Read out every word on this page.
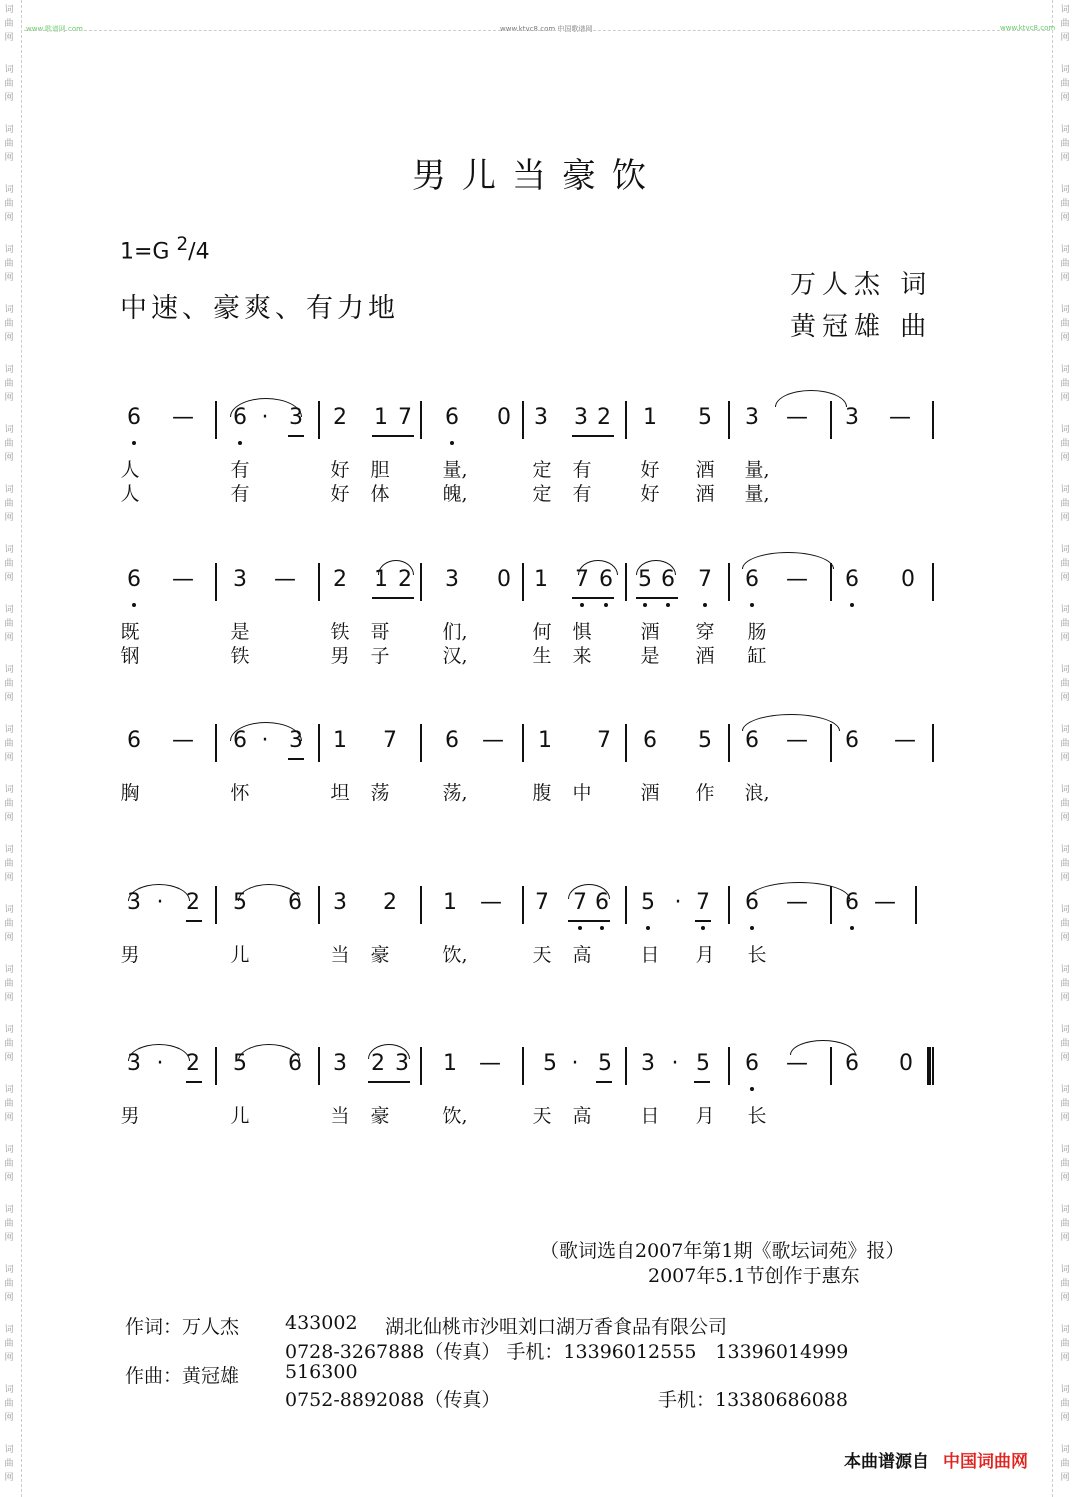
词
曲
网
词
曲
网
词
曲
网
词
曲
网
词
曲
网
词
曲
网
词
曲
网
词
曲
网
词
曲
网
词
曲
网
词
曲
网
词
曲
网
词
曲
网
词
曲
网
词
曲
网
词
曲
网
词
曲
网
词
曲
网
词
曲
网
词
曲
网
词
曲
网
词
曲
网
词
曲
网
词
曲
网
词
曲
网
词
曲
网
词
曲
网
词
曲
网
词
曲
网
词
曲
网
词
曲
网
词
曲
网
词
曲
网
词
曲
网
词
曲
网
词
曲
网
词
曲
网
词
曲
网
词
曲
网
词
曲
网
词
曲
网
词
曲
网
词
曲
网
词
曲
网
词
曲
网
词
曲
网
词
曲
网
词
曲
网
词
曲
网
词
曲
网
www.歌谱网.com	www.ktvc8.com 中国歌谱网	www.ktvc8.com
男儿当豪饮
1=G $^2$/4
中速、豪爽、有力地
万人杰 词
黄冠雄 曲
6 — 6 · 3 2 1 7 6 0 3 3 2 1 5 3 — 3 —
人	有	好 胆	量,	定 有	好 酒 量,
人	有	好 体	魄,	定 有	好 酒 量,
6 — 3 — 2 1 2 3 0 1 7 6 5 6 7 6 — 6 0
既	是	铁 哥	们,	何 惧	酒 穿 肠
钢	铁	男 子	汉,	生 来	是 酒 缸
6 — 6 · 3 1 7 6 — 1 7 6 5 6 — 6 —
胸	怀	坦 荡	荡,	腹 中	酒 作 浪,
3 · 2 5 6 3 2 1 — 7 7 6 5 · 7 6 — 6 —
男	儿	当 豪	饮,	天 高	日 月 长
3 · 2 5 6 3 2 3 1 — 5 · 5 3 · 5 6 — 6 0
男	儿	当 豪	饮,	天 高	日 月 长
（歌词选自2007年第1期《歌坛词苑》报）
2007年5.1节创作于惠东
作词：万人杰 433002 湖北仙桃市沙咀刘口湖万香食品有限公司
0728-3267888（传真） 手机：13396012555　13396014999
作曲：黄冠雄 516300
0752-8892088（传真）	手机：13380686088
本曲谱源自 中国词曲网
